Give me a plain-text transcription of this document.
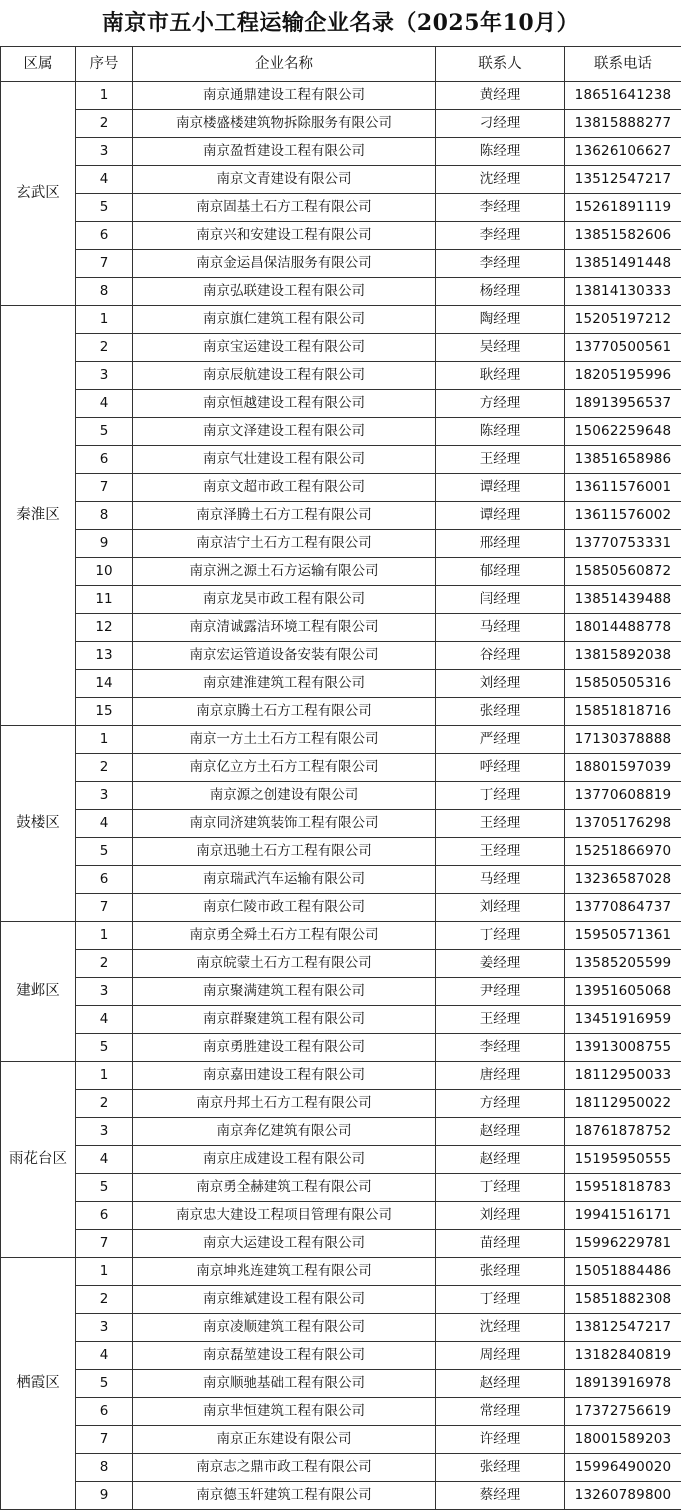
南京市五小工程运输企业名录（2025年10月）
区属	序号	企业名称	联系人	联系电话
玄武区	1	南京通鼎建设工程有限公司	黄经理	18651641238
	2	南京楼盛楼建筑物拆除服务有限公司	刁经理	13815888277
	3	南京盈哲建设工程有限公司	陈经理	13626106627
	4	南京文青建设有限公司	沈经理	13512547217
	5	南京固基土石方工程有限公司	李经理	15261891119
	6	南京兴和安建设工程有限公司	李经理	13851582606
	7	南京金运昌保洁服务有限公司	李经理	13851491448
	8	南京弘联建设工程有限公司	杨经理	13814130333
秦淮区	1	南京旗仁建筑工程有限公司	陶经理	15205197212
	2	南京宝运建设工程有限公司	吴经理	13770500561
	3	南京辰航建设工程有限公司	耿经理	18205195996
	4	南京恒越建设工程有限公司	方经理	18913956537
	5	南京文泽建设工程有限公司	陈经理	15062259648
	6	南京气壮建设工程有限公司	王经理	13851658986
	7	南京文超市政工程有限公司	谭经理	13611576001
	8	南京泽腾土石方工程有限公司	谭经理	13611576002
	9	南京洁宁土石方工程有限公司	邢经理	13770753331
	10	南京洲之源土石方运输有限公司	郁经理	15850560872
	11	南京龙昊市政工程有限公司	闫经理	13851439488
	12	南京清诚露洁环境工程有限公司	马经理	18014488778
	13	南京宏运管道设备安装有限公司	谷经理	13815892038
	14	南京建淮建筑工程有限公司	刘经理	15850505316
	15	南京京腾土石方工程有限公司	张经理	15851818716
鼓楼区	1	南京一方土土石方工程有限公司	严经理	17130378888
	2	南京亿立方土石方工程有限公司	呼经理	18801597039
	3	南京源之创建设有限公司	丁经理	13770608819
	4	南京同济建筑装饰工程有限公司	王经理	13705176298
	5	南京迅驰土石方工程有限公司	王经理	15251866970
	6	南京瑞武汽车运输有限公司	马经理	13236587028
	7	南京仁陵市政工程有限公司	刘经理	13770864737
建邺区	1	南京勇全舜土石方工程有限公司	丁经理	15950571361
	2	南京皖蒙土石方工程有限公司	姜经理	13585205599
	3	南京聚满建筑工程有限公司	尹经理	13951605068
	4	南京群聚建筑工程有限公司	王经理	13451916959
	5	南京勇胜建设工程有限公司	李经理	13913008755
雨花台区	1	南京嘉田建设工程有限公司	唐经理	18112950033
	2	南京丹邦土石方工程有限公司	方经理	18112950022
	3	南京奔亿建筑有限公司	赵经理	18761878752
	4	南京庄成建设工程有限公司	赵经理	15195950555
	5	南京勇全赫建筑工程有限公司	丁经理	15951818783
	6	南京忠大建设工程项目管理有限公司	刘经理	19941516171
	7	南京大运建设工程有限公司	苗经理	15996229781
栖霞区	1	南京坤兆连建筑工程有限公司	张经理	15051884486
	2	南京维斌建设工程有限公司	丁经理	15851882308
	3	南京凌顺建筑工程有限公司	沈经理	13812547217
	4	南京磊堃建设工程有限公司	周经理	13182840819
	5	南京顺驰基础工程有限公司	赵经理	18913916978
	6	南京芈恒建筑工程有限公司	常经理	17372756619
	7	南京正东建设有限公司	许经理	18001589203
	8	南京志之鼎市政工程有限公司	张经理	15996490020
	9	南京德玉轩建筑工程有限公司	蔡经理	13260789800
